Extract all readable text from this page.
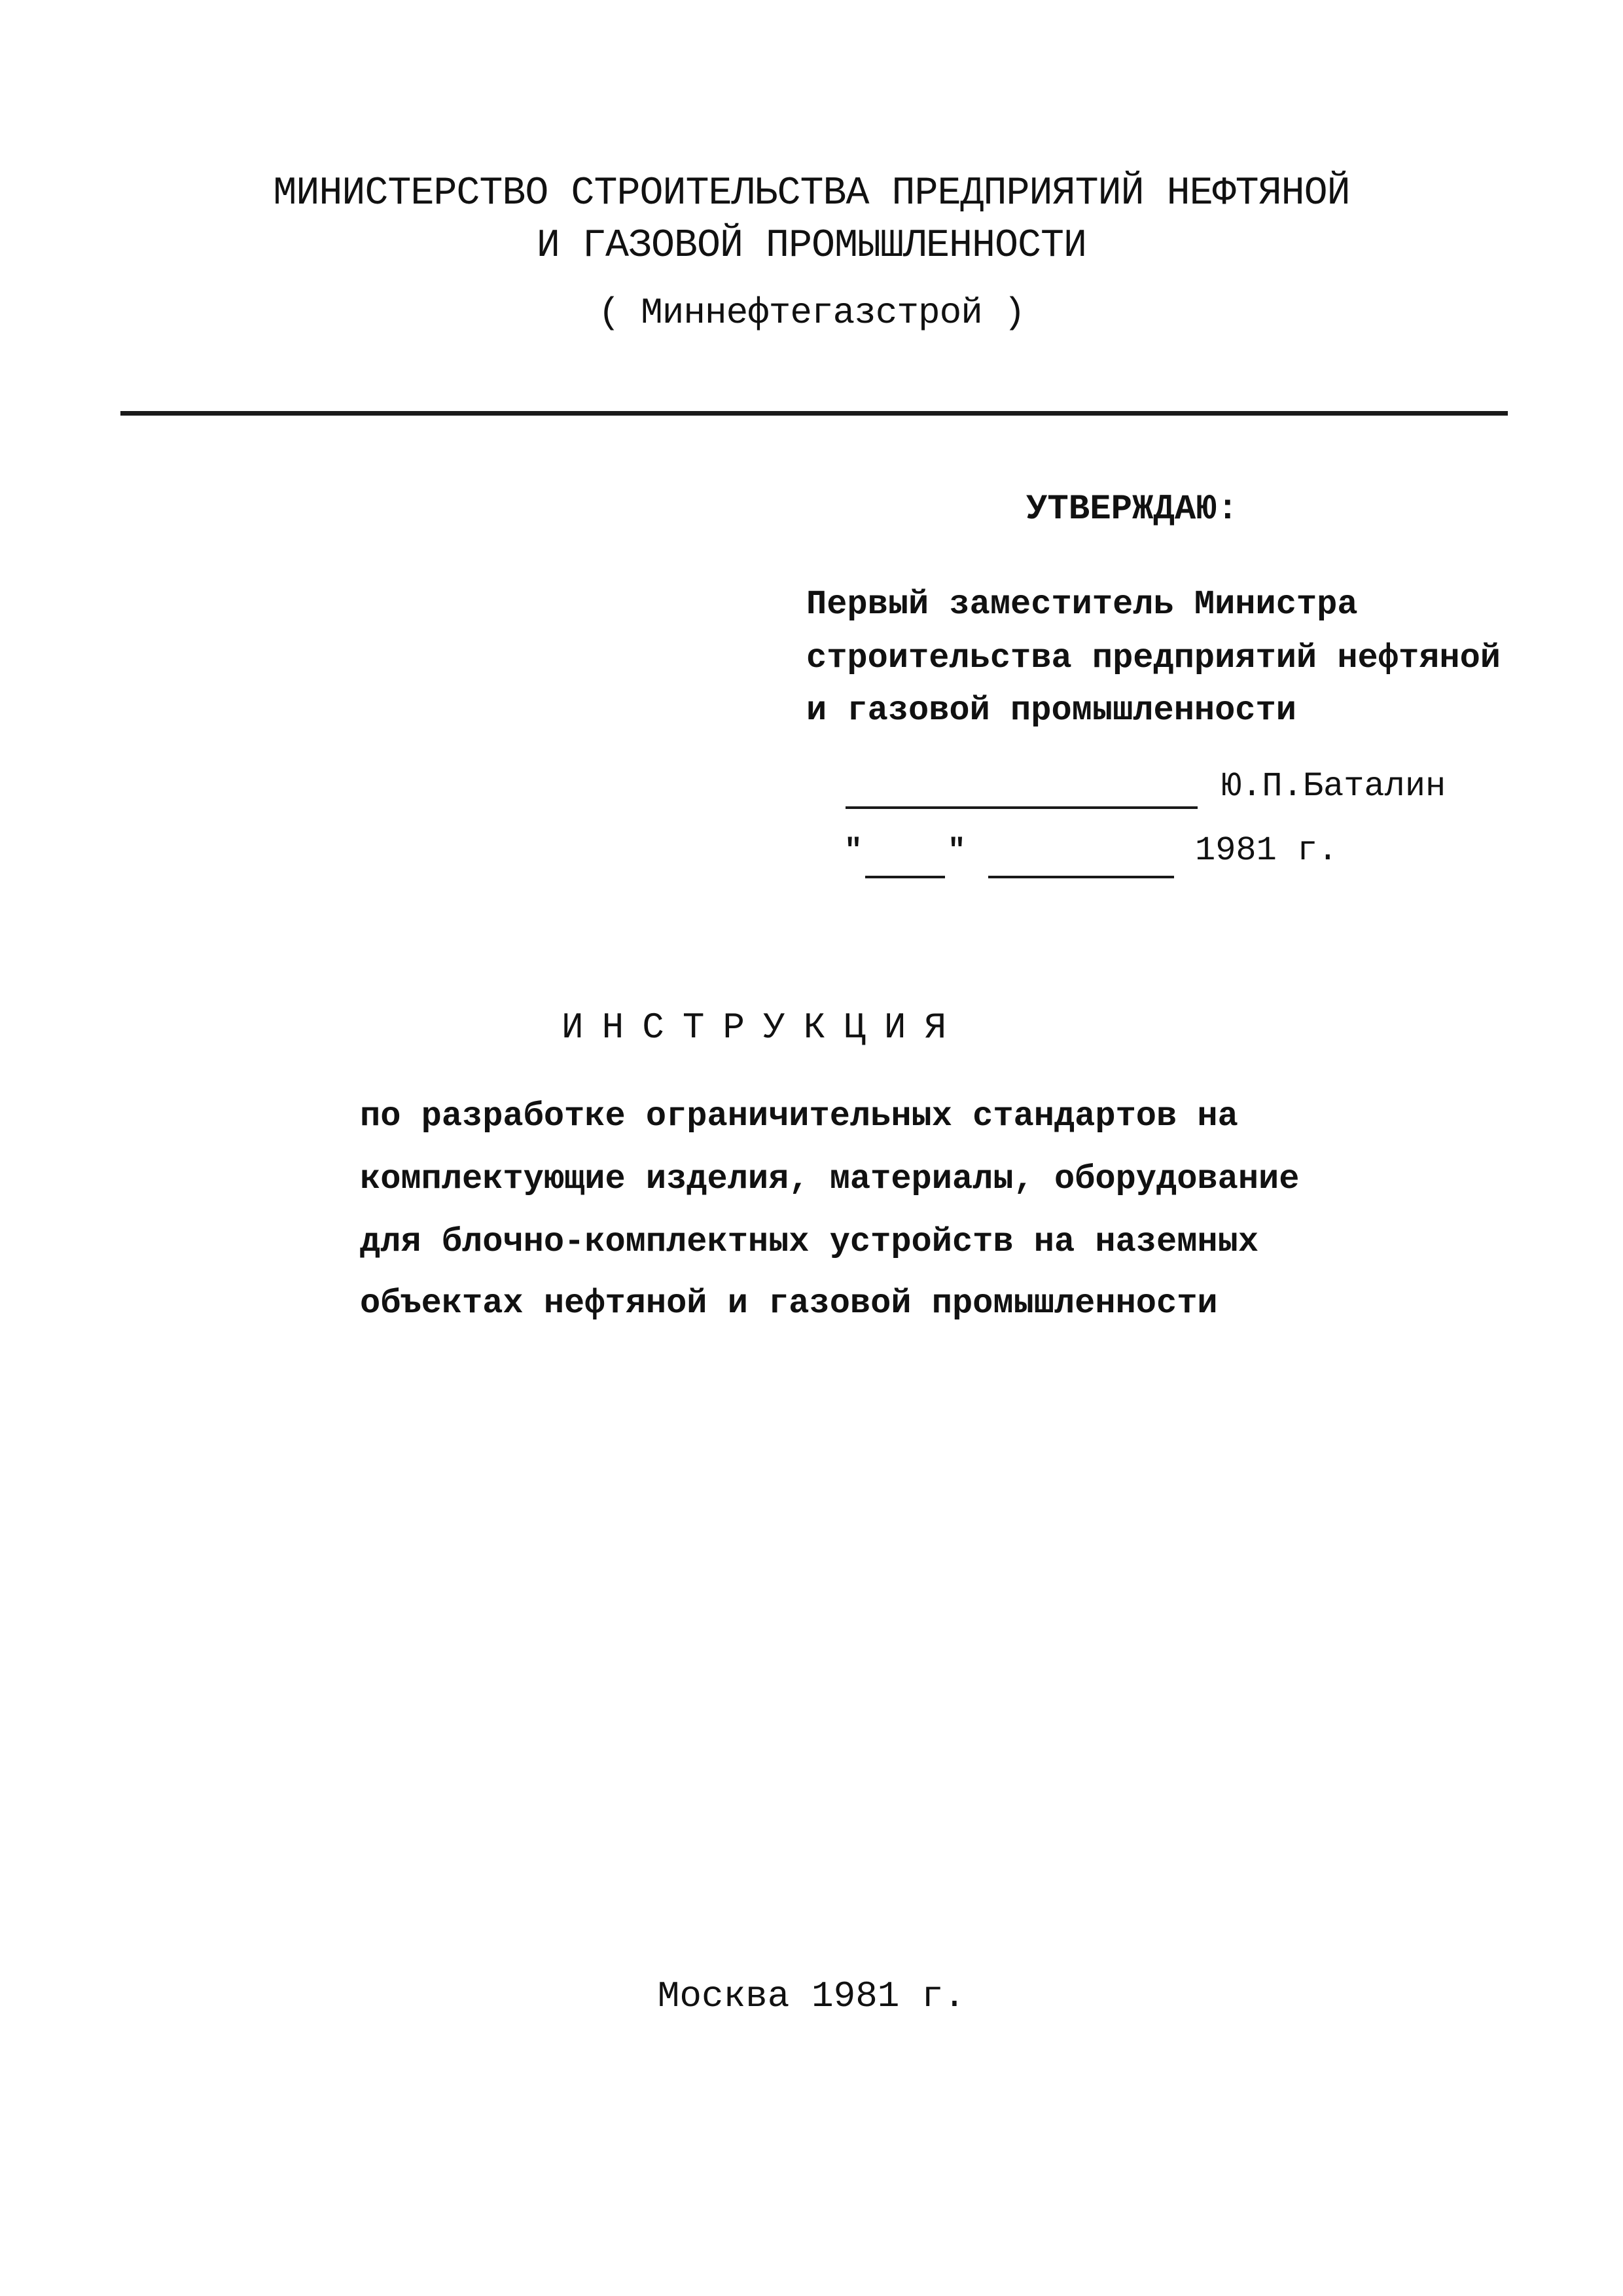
МИНИСТЕРСТВО СТРОИТЕЛЬСТВА ПРЕДПРИЯТИЙ НЕФТЯНОЙ
И ГАЗОВОЙ ПРОМЫШЛЕННОСТИ
( Миннефтегазстрой )
УТВЕРЖДАЮ:
Первый заместитель Министра
строительства предприятий нефтяной
и газовой промышленности
Ю.П.Баталин
"	"	1981 г.
ИНСТРУКЦИЯ
по разработке ограничительных стандартов на
комплектующие изделия, материалы, оборудование
для блочно-комплектных устройств на наземных
объектах нефтяной и газовой промышленности
Москва 1981 г.
